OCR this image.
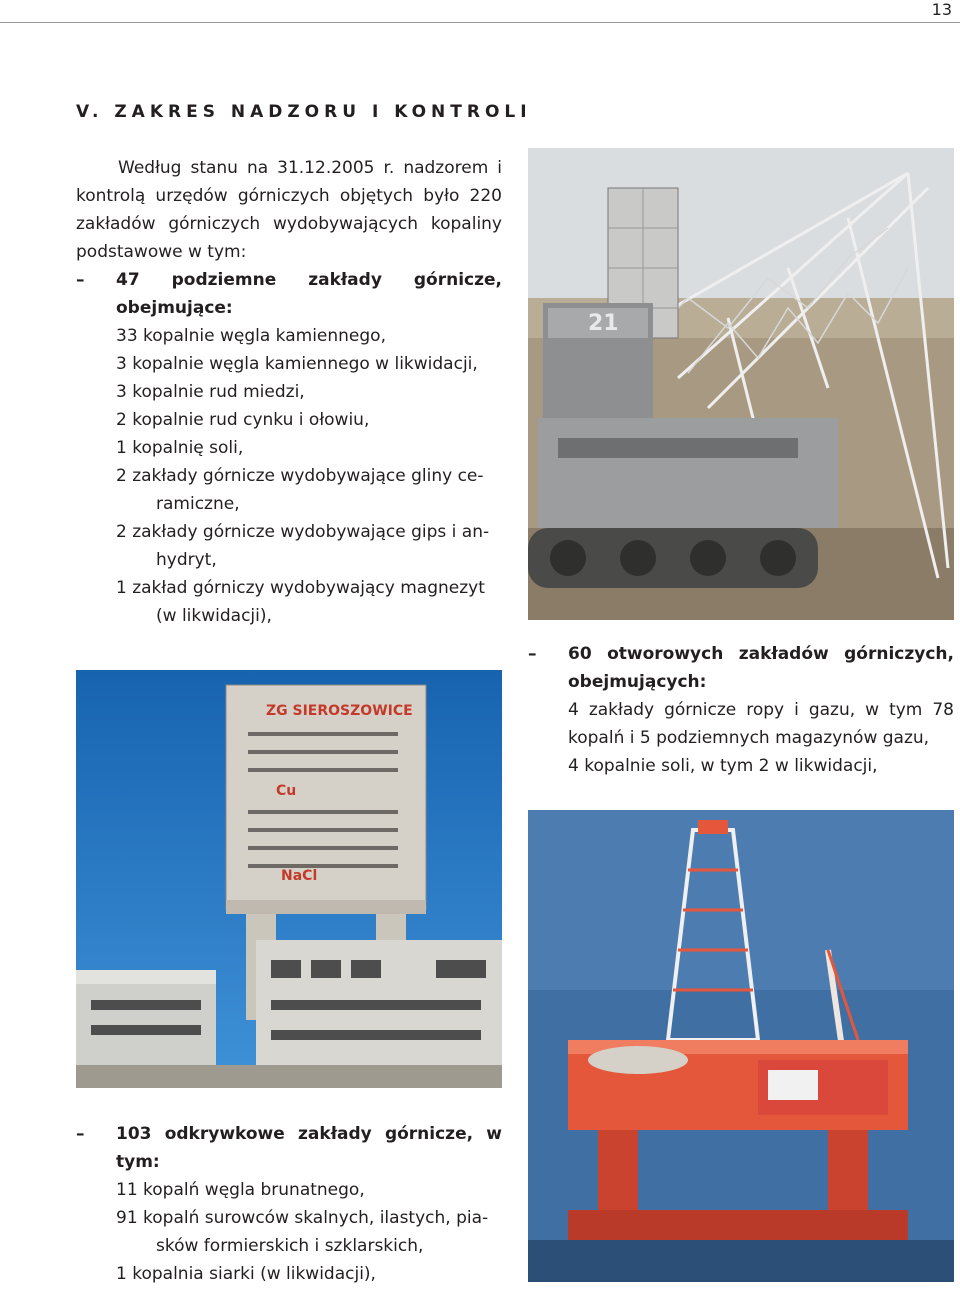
13
V. ZAKRES NADZORU I KONTROLI

Według stanu na 31.12.2005 r. nadzorem i kontrolą urzędów górniczych objętych było 220 zakładów górniczych wydobywających kopaliny podstawowe w tym:

– 47 podziemne zakłady górnicze, obejmujące:
33 kopalnie węgla kamiennego,
3 kopalnie węgla kamiennego w likwidacji,
3 kopalnie rud miedzi,
2 kopalnie rud cynku i ołowiu,
1 kopalnię soli,
2 zakłady górnicze wydobywające gliny ce-
ramiczne,
2 zakłady górnicze wydobywające gips i an-
hydryt,
1 zakład górniczy wydobywający magnezyt
(w likwidacji),
– 60 otworowych zakładów górniczych, obejmujących:

4 zakłady górnicze ropy i gazu, w tym 78 kopalń i 5 podziemnych magazynów gazu,

4 kopalnie soli, w tym 2 w likwidacji,

– 103 odkrywkowe zakłady górnicze, w tym:
11 kopalń węgla brunatnego,
91 kopalń surowców skalnych, ilastych, pia-
sków formierskich i szklarskich,
1 kopalnia siarki (w likwidacji),
21
ZG SIEROSZOWICE
Cu
NaCl
